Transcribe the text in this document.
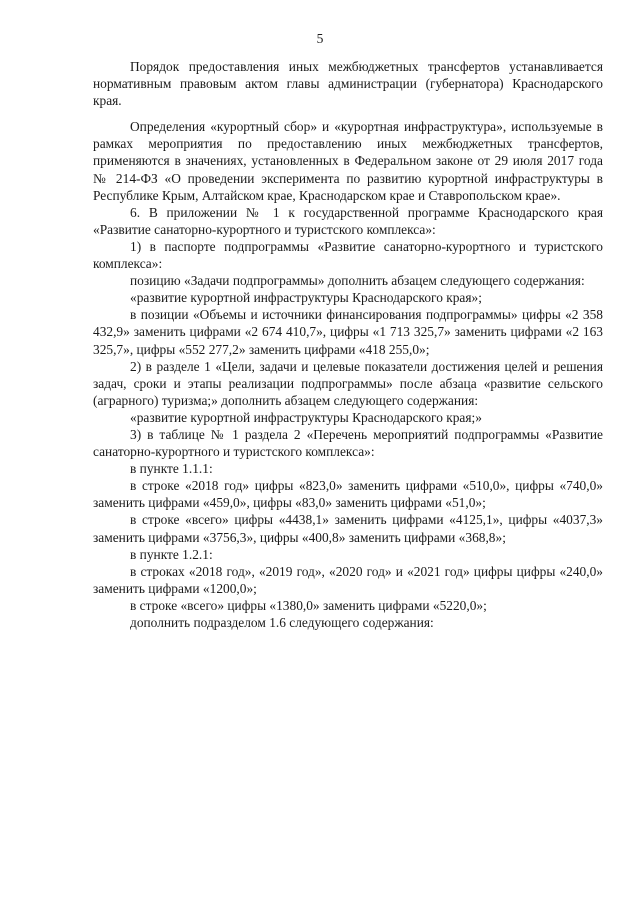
5

Порядок предоставления иных межбюджетных трансфертов устанавливается нормативным правовым актом главы администрации (губернатора) Краснодарского края.

Определения «курортный сбор» и «курортная инфраструктура», используемые в рамках мероприятия по предоставлению иных межбюджетных трансфертов, применяются в значениях, установленных в Федеральном законе от 29 июля 2017 года № 214-ФЗ «О проведении эксперимента по развитию курортной инфраструктуры в Республике Крым, Алтайском крае, Краснодарском крае и Ставропольском крае».

6. В приложении № 1 к государственной программе Краснодарского края «Развитие санаторно-курортного и туристского комплекса»:

1) в паспорте подпрограммы «Развитие санаторно-курортного и туристского комплекса»:

позицию «Задачи подпрограммы» дополнить абзацем следующего содержания:

«развитие курортной инфраструктуры Краснодарского края»;

в позиции «Объемы и источники финансирования подпрограммы» цифры «2 358 432,9» заменить цифрами «2 674 410,7», цифры «1 713 325,7» заменить цифрами «2 163 325,7», цифры «552 277,2» заменить цифрами «418 255,0»;

2) в разделе 1 «Цели, задачи и целевые показатели достижения целей и решения задач, сроки и этапы реализации подпрограммы» после абзаца «развитие сельского (аграрного) туризма;» дополнить абзацем следующего содержания:

«развитие курортной инфраструктуры Краснодарского края;»

3) в таблице № 1 раздела 2 «Перечень мероприятий подпрограммы «Развитие санаторно-курортного и туристского комплекса»:

в пункте 1.1.1:

в строке «2018 год» цифры «823,0» заменить цифрами «510,0», цифры «740,0» заменить цифрами «459,0», цифры «83,0» заменить цифрами «51,0»;

в строке «всего» цифры «4438,1» заменить цифрами «4125,1», цифры «4037,3» заменить цифрами «3756,3», цифры «400,8» заменить цифрами «368,8»;

в пункте 1.2.1:

в строках «2018 год», «2019 год», «2020 год» и «2021 год» цифры цифры «240,0» заменить цифрами «1200,0»;

в строке «всего» цифры «1380,0» заменить цифрами «5220,0»;

дополнить подразделом 1.6 следующего содержания:
